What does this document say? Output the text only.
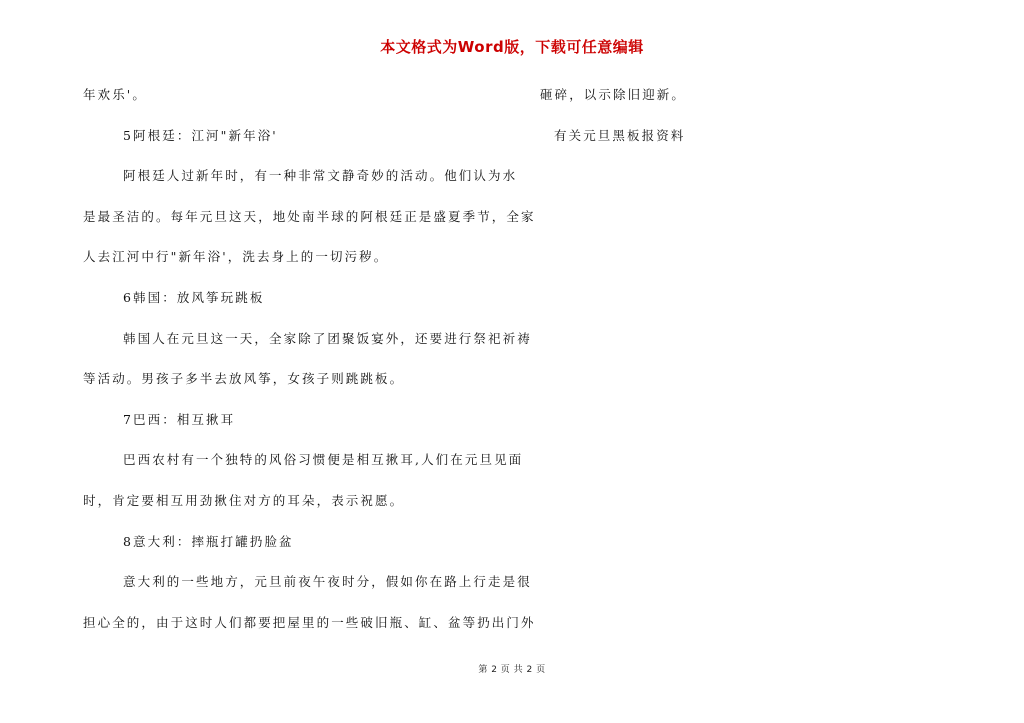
本文格式为Word版，下载可任意编辑
年欢乐'。
5阿根廷：江河"新年浴'
阿根廷人过新年时，有一种非常文静奇妙的活动。他们认为水
是最圣洁的。每年元旦这天，地处南半球的阿根廷正是盛夏季节，全家
人去江河中行"新年浴'，洗去身上的一切污秽。
6韩国：放风筝玩跳板
韩国人在元旦这一天，全家除了团聚饭宴外，还要进行祭祀祈祷
等活动。男孩子多半去放风筝，女孩子则跳跳板。
7巴西：相互揪耳
巴西农村有一个独特的风俗习惯便是相互揪耳,人们在元旦见面
时，肯定要相互用劲揪住对方的耳朵，表示祝愿。
8意大利：摔瓶打罐扔脸盆
意大利的一些地方，元旦前夜午夜时分，假如你在路上行走是很
担心全的，由于这时人们都要把屋里的一些破旧瓶、缸、盆等扔出门外
砸碎，以示除旧迎新。
有关元旦黑板报资料
第 2 页 共 2 页
